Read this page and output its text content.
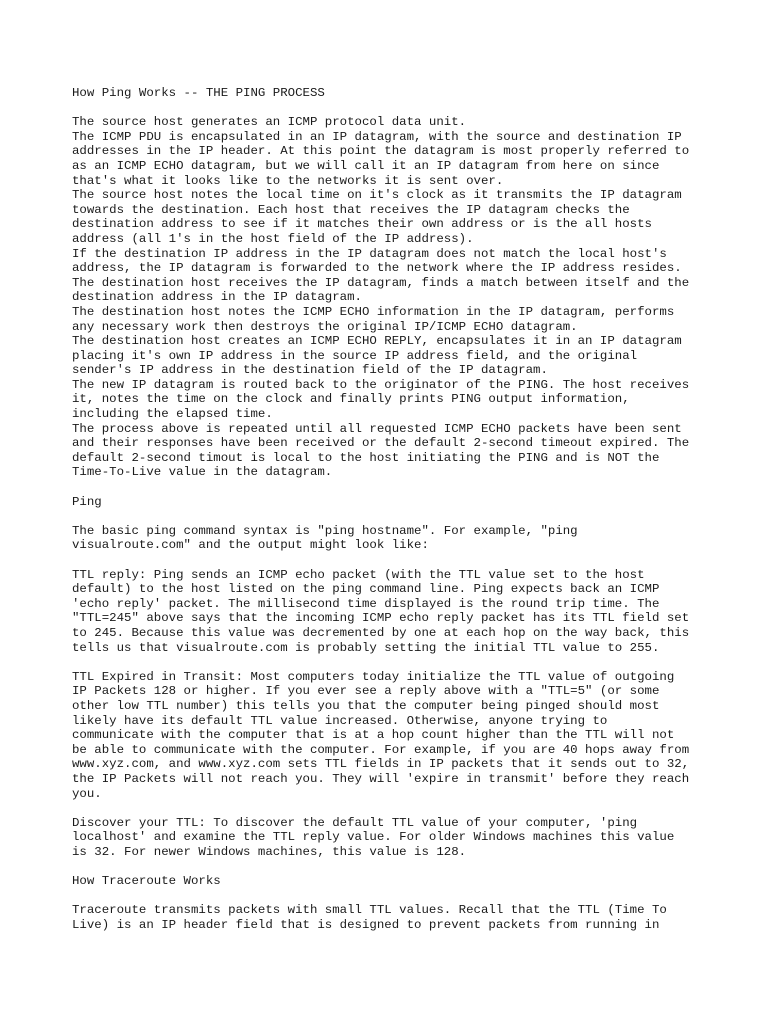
How Ping Works -- THE PING PROCESS
The source host generates an ICMP protocol data unit.
The ICMP PDU is encapsulated in an IP datagram, with the source and destination IP
addresses in the IP header. At this point the datagram is most properly referred to
as an ICMP ECHO datagram, but we will call it an IP datagram from here on since
that's what it looks like to the networks it is sent over.
The source host notes the local time on it's clock as it transmits the IP datagram
towards the destination. Each host that receives the IP datagram checks the
destination address to see if it matches their own address or is the all hosts
address (all 1's in the host field of the IP address).
If the destination IP address in the IP datagram does not match the local host's
address, the IP datagram is forwarded to the network where the IP address resides.
The destination host receives the IP datagram, finds a match between itself and the
destination address in the IP datagram.
The destination host notes the ICMP ECHO information in the IP datagram, performs
any necessary work then destroys the original IP/ICMP ECHO datagram.
The destination host creates an ICMP ECHO REPLY, encapsulates it in an IP datagram
placing it's own IP address in the source IP address field, and the original
sender's IP address in the destination field of the IP datagram.
The new IP datagram is routed back to the originator of the PING. The host receives
it, notes the time on the clock and finally prints PING output information,
including the elapsed time.
The process above is repeated until all requested ICMP ECHO packets have been sent
and their responses have been received or the default 2-second timeout expired. The
default 2-second timout is local to the host initiating the PING and is NOT the
Time-To-Live value in the datagram.
Ping
The basic ping command syntax is "ping hostname". For example, "ping
visualroute.com" and the output might look like:
TTL reply: Ping sends an ICMP echo packet (with the TTL value set to the host
default) to the host listed on the ping command line. Ping expects back an ICMP
'echo reply' packet. The millisecond time displayed is the round trip time. The
"TTL=245" above says that the incoming ICMP echo reply packet has its TTL field set
to 245. Because this value was decremented by one at each hop on the way back, this
tells us that visualroute.com is probably setting the initial TTL value to 255.
TTL Expired in Transit: Most computers today initialize the TTL value of outgoing
IP Packets 128 or higher. If you ever see a reply above with a "TTL=5" (or some
other low TTL number) this tells you that the computer being pinged should most
likely have its default TTL value increased. Otherwise, anyone trying to
communicate with the computer that is at a hop count higher than the TTL will not
be able to communicate with the computer. For example, if you are 40 hops away from
www.xyz.com, and www.xyz.com sets TTL fields in IP packets that it sends out to 32,
the IP Packets will not reach you. They will 'expire in transmit' before they reach
you.
Discover your TTL: To discover the default TTL value of your computer, 'ping
localhost' and examine the TTL reply value. For older Windows machines this value
is 32. For newer Windows machines, this value is 128.
How Traceroute Works
Traceroute transmits packets with small TTL values. Recall that the TTL (Time To
Live) is an IP header field that is designed to prevent packets from running in
